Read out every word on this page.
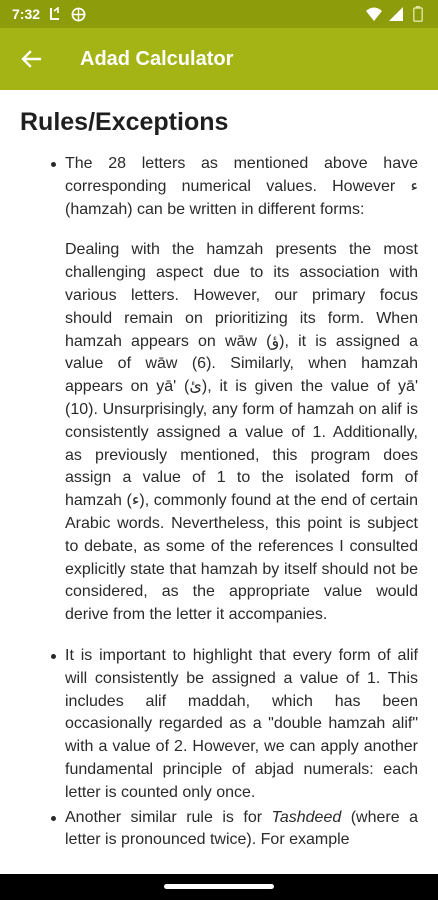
7:32
Adad Calculator
Rules/Exceptions
The 28 letters as mentioned above have corresponding numerical values. However ء (hamzah) can be written in different forms:
Dealing with the hamzah presents the most challenging aspect due to its association with various letters. However, our primary focus should remain on prioritizing its form. When hamzah appears on wāw (ؤ), it is assigned a value of wāw (6). Similarly, when hamzah appears on yā' (ئ), it is given the value of yā' (10). Unsurprisingly, any form of hamzah on alif is consistently assigned a value of 1. Additionally, as previously mentioned, this program does assign a value of 1 to the isolated form of hamzah (ء), commonly found at the end of certain Arabic words. Nevertheless, this point is subject to debate, as some of the references I consulted explicitly state that hamzah by itself should not be considered, as the appropriate value would derive from the letter it accompanies.
It is important to highlight that every form of alif will consistently be assigned a value of 1. This includes alif maddah, which has been occasionally regarded as a "double hamzah alif" with a value of 2. However, we can apply another fundamental principle of abjad numerals: each letter is counted only once.
Another similar rule is for Tashdeed (where a letter is pronounced twice). For example
